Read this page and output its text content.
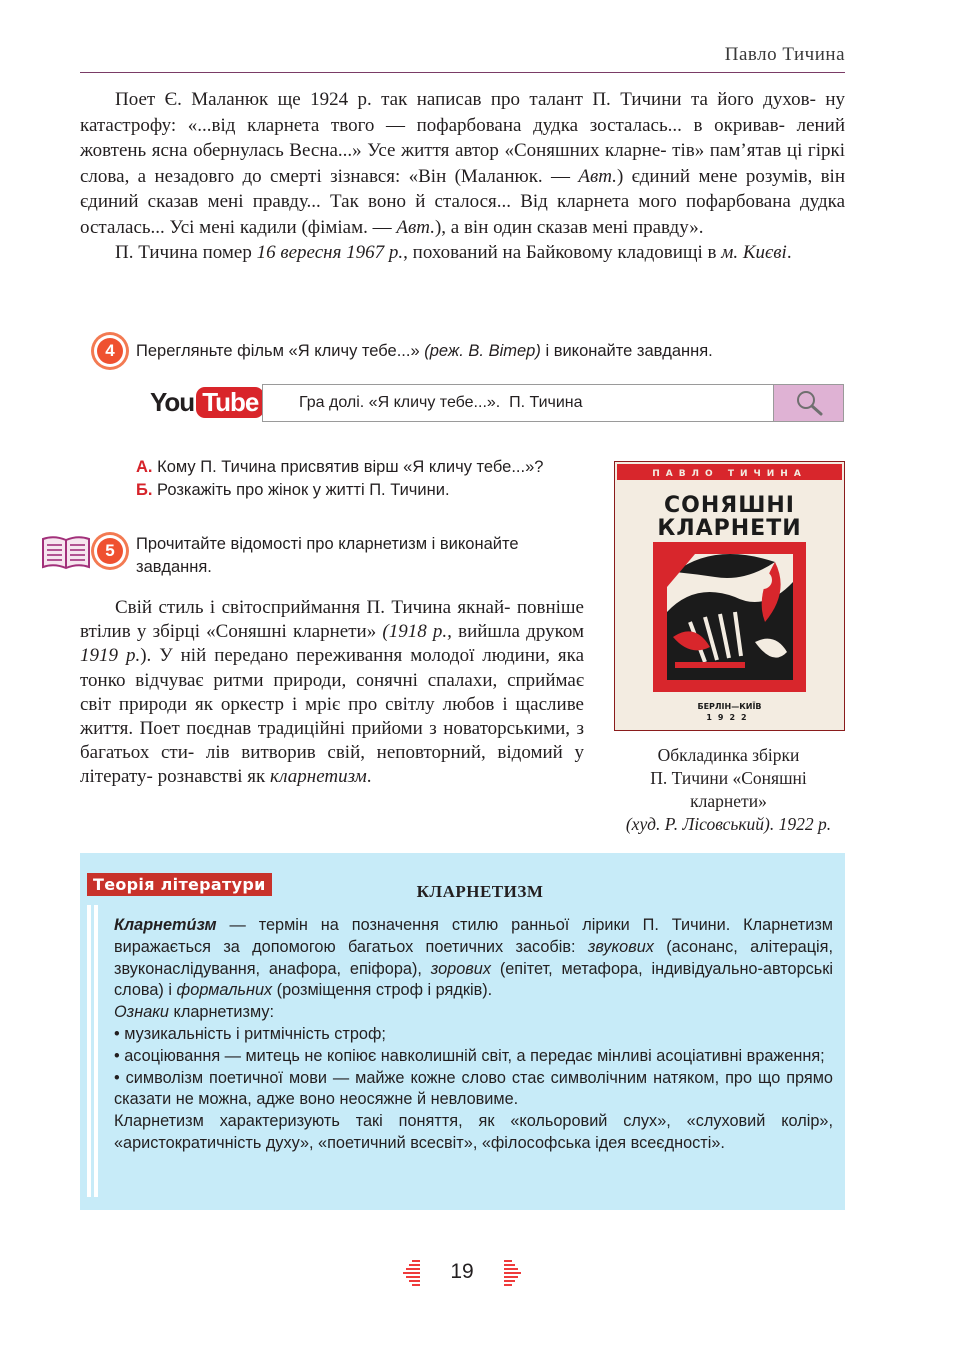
Павло Тичина

Поет Є. Маланюк ще 1924 р. так написав про талант П. Тичини та його духов- ну катастрофу: «...від кларнета твого — пофарбована дудка зосталась... в окривав- лений жовтень ясна обернулась Весна...» Усе життя автор «Соняшних кларне- тів» пам’ятав ці гіркі слова, а незадовго до смерті зізнався: «Він (Маланюк. — Авт.) єдиний мене розумів, він єдиний сказав мені правду... Так воно й сталося... Від кларнета мого пофарбована дудка осталась... Усі мені кадили (фіміам. — Авт.), а він один сказав мені правду».

П. Тичина помер 16 вересня 1967 р., похований на Байковому кладовищі в м. Києві.

4	Перегляньте фільм «Я кличу тебе...» (реж. В. Вітер) і виконайте завдання.
You Tube
Гра долі. «Я кличу тебе...». П. Тичина
А. Кому П. Тичина присвятив вірш «Я кличу тебе...»?
Б. Розкажіть про жінок у житті П. Тичини.
5	Прочитайте відомості про кларнетизм і виконайте
завдання.

Свій стиль і світосприймання П. Тичина якнай- повніше втілив у збірці «Соняшні кларнети» (1918 р., вийшла друком 1919 р.). У ній передано переживання молодої людини, яка тонко відчуває ритми природи, сонячні спалахи, сприймає світ природи як оркестр і мріє про світлу любов і щасливе життя. Поет поєднав традиційні прийоми з новаторськими, з багатьох сти- лів витворив свій, неповторний, відомий у літерату- рознавстві як кларнетизм.

ПАВЛО ТИЧИНА
СОНЯШНІ
КЛАРНЕТИ
БЕРЛІН—КИЇВ
1922
Обкладинка збірки
П. Тичини «Соняшні
кларнети»
(худ. Р. Лісовський). 1922 р.
Теорія літератури	КЛАРНЕТИЗМ

Кларнети́зм — термін на позначення стилю ранньої лірики П. Тичини. Кларнетизм виражається за допомогою багатьох поетичних засобів: звукових (асонанс, алітерація, звуконаслідування, анафора, епіфора), зорових (епітет, метафора, індивідуально-авторські слова) і формальних (розміщення строф і рядків).

Ознаки кларнетизму:

• музикальність і ритмічність строф;

• асоціювання — митець не копіює навколишній світ, а передає мінливі асоціативні враження;

• символізм поетичної мови — майже кожне слово стає символічним натяком, про що прямо сказати не можна, адже воно неосяжне й невловиме.

Кларнетизм характеризують такі поняття, як «кольоровий слух», «слуховий колір», «аристократичність духу», «поетичний всесвіт», «філософська ідея всеєдності».

19
